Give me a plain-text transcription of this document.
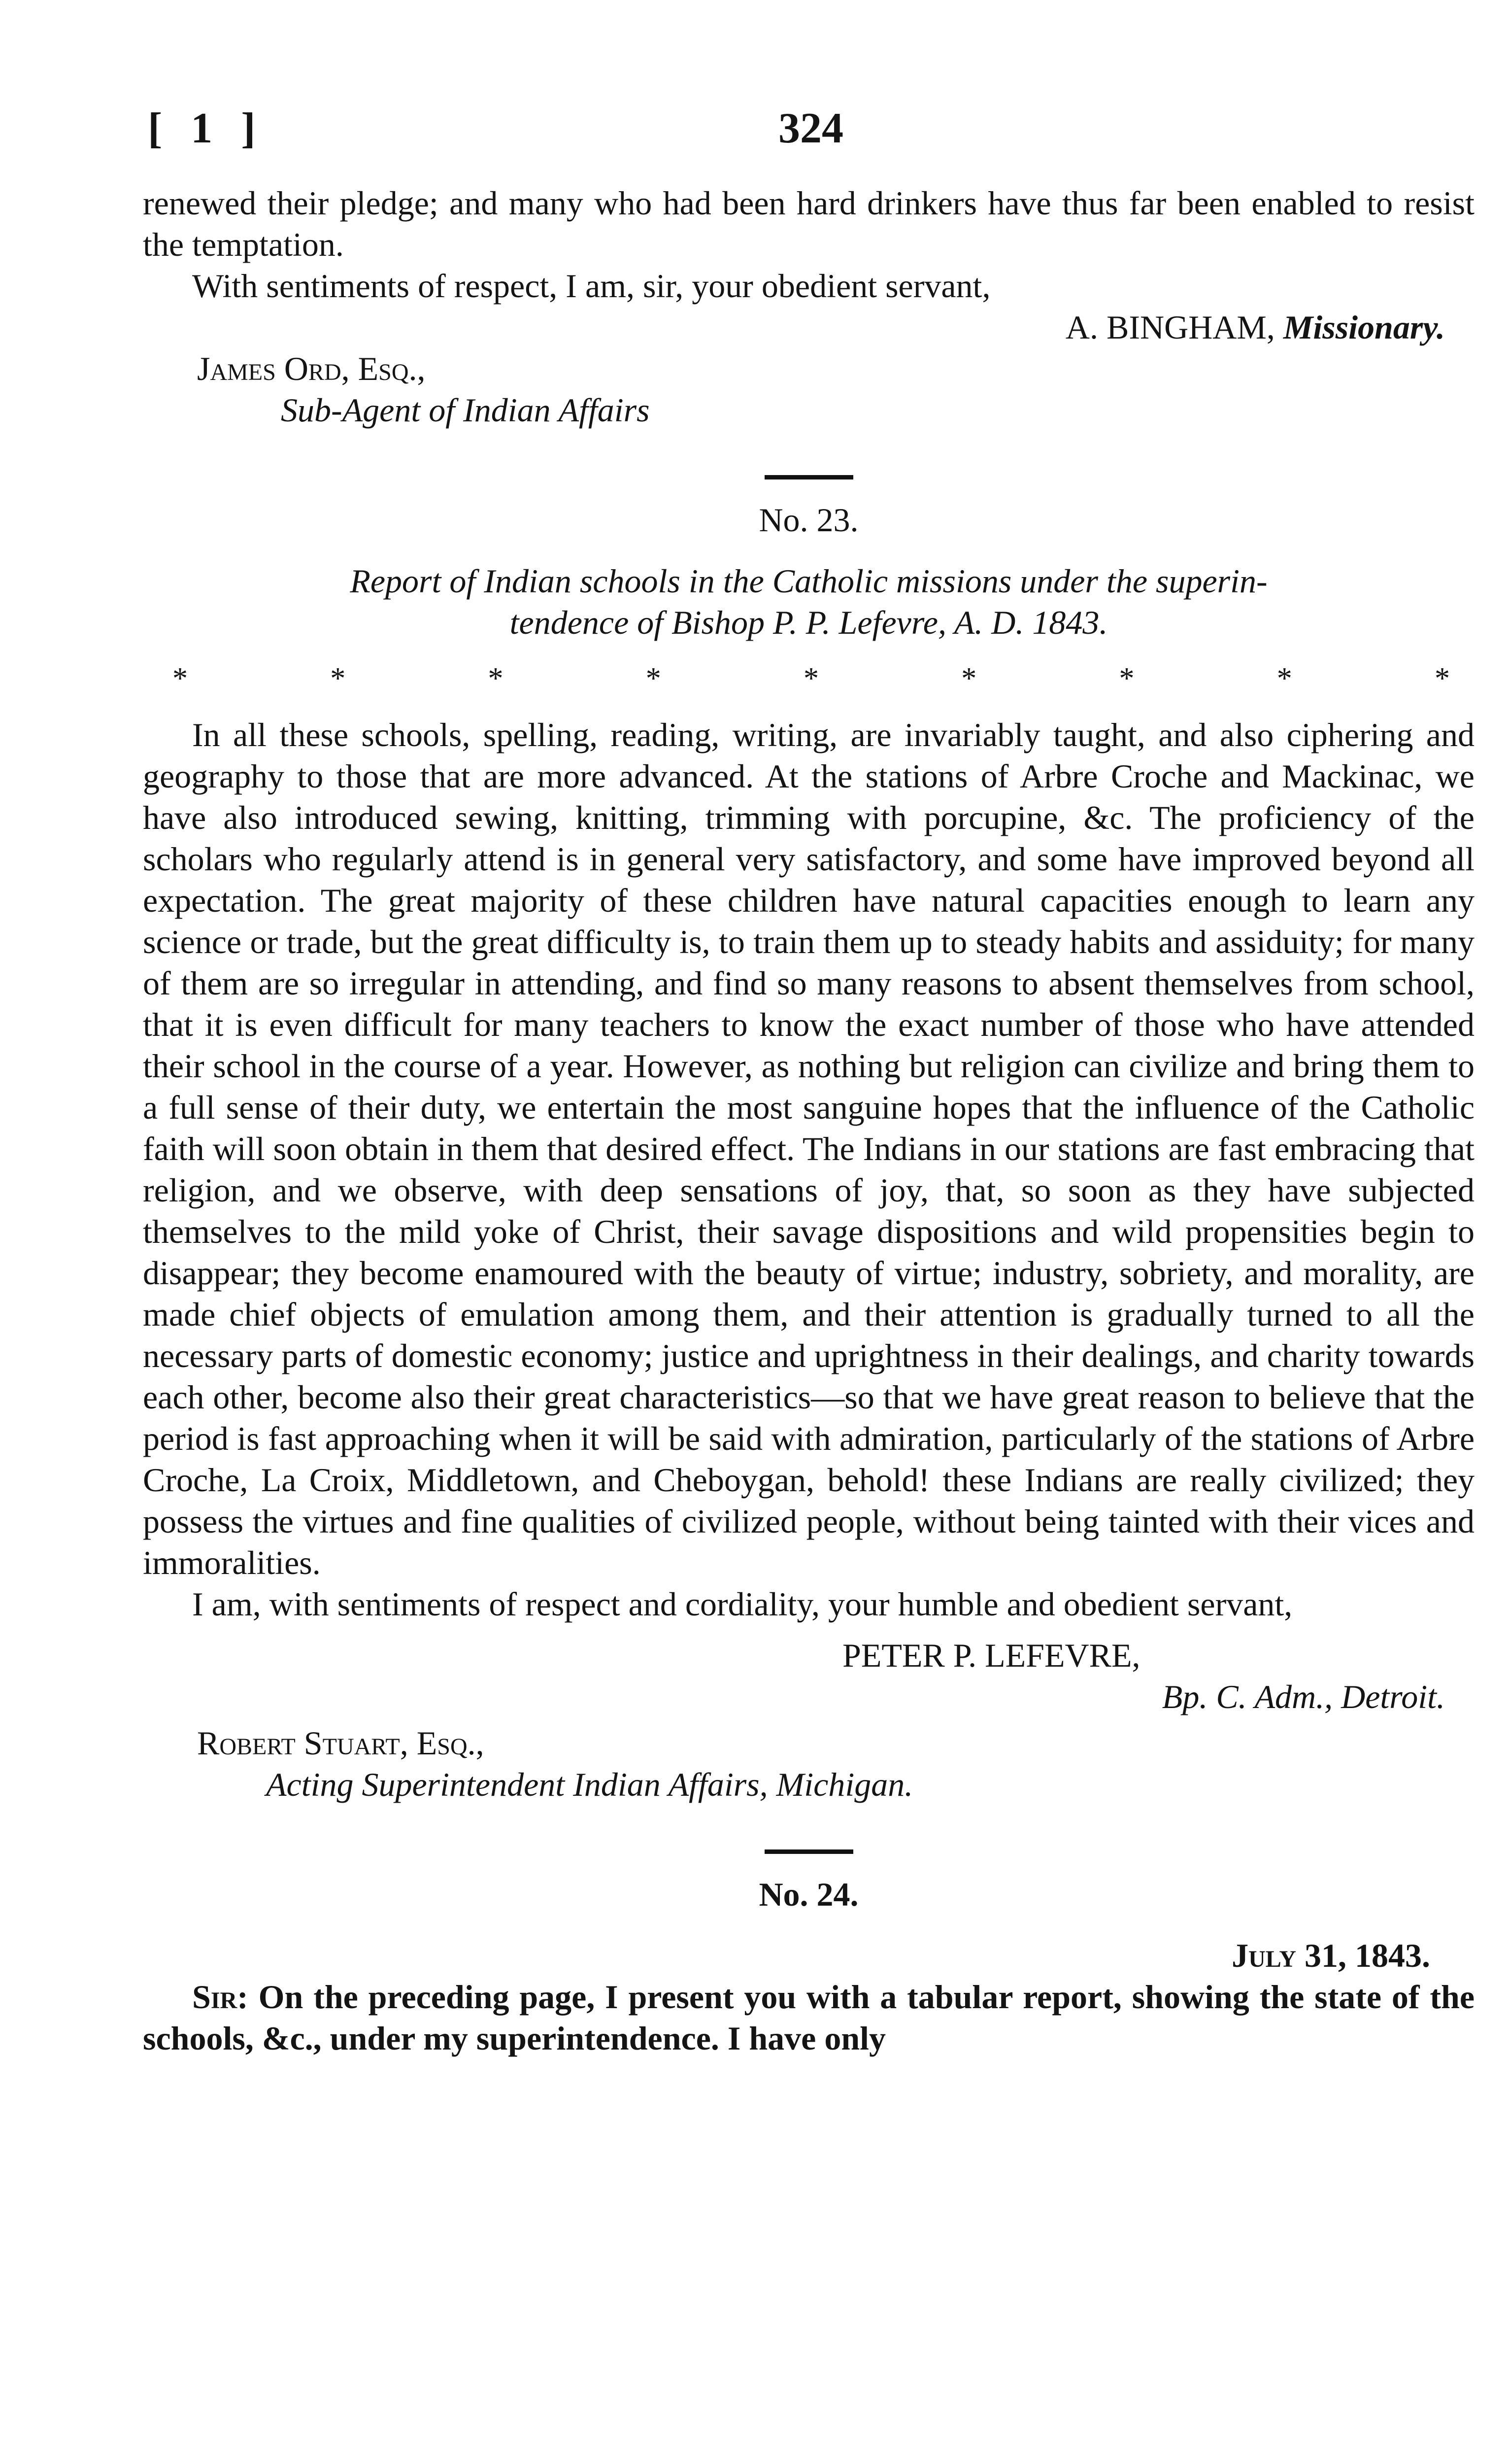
[ 1 ]	324
renewed their pledge; and many who had been hard drinkers have thus far been enabled to resist the temptation.
With sentiments of respect, I am, sir, your obedient servant,
A. BINGHAM, Missionary.
James Ord, Esq.,
Sub-Agent of Indian Affairs
No. 23.
Report of Indian schools in the Catholic missions under the superin-
tendence of Bishop P. P. Lefevre, A. D. 1843.
*	*	*	*	*	*	*	*	*
In all these schools, spelling, reading, writing, are invariably taught, and also ciphering and geography to those that are more advanced. At the stations of Arbre Croche and Mackinac, we have also introduced sewing, knitting, trimming with porcupine, &c. The proficiency of the scholars who regularly attend is in general very satisfactory, and some have improved beyond all expectation. The great majority of these children have natural capacities enough to learn any science or trade, but the great difficulty is, to train them up to steady habits and assiduity; for many of them are so irregular in attending, and find so many reasons to absent themselves from school, that it is even difficult for many teachers to know the exact number of those who have attended their school in the course of a year. However, as nothing but religion can civilize and bring them to a full sense of their duty, we entertain the most sanguine hopes that the influence of the Catholic faith will soon obtain in them that desired effect. The Indians in our stations are fast embracing that religion, and we observe, with deep sensations of joy, that, so soon as they have subjected themselves to the mild yoke of Christ, their savage dispositions and wild propensities begin to disappear; they become enamoured with the beauty of virtue; industry, sobriety, and morality, are made chief objects of emulation among them, and their attention is gradually turned to all the necessary parts of domestic economy; justice and uprightness in their dealings, and charity towards each other, become also their great characteristics—so that we have great reason to believe that the period is fast approaching when it will be said with admiration, particularly of the stations of Arbre Croche, La Croix, Middletown, and Cheboygan, behold! these Indians are really civilized; they possess the virtues and fine qualities of civilized people, without being tainted with their vices and immoralities.
I am, with sentiments of respect and cordiality, your humble and obedient servant,
PETER P. LEFEVRE,
Bp. C. Adm., Detroit.
Robert Stuart, Esq.,
Acting Superintendent Indian Affairs, Michigan.
No. 24.
July 31, 1843.
Sir: On the preceding page, I present you with a tabular report, showing the state of the schools, &c., under my superintendence. I have only
